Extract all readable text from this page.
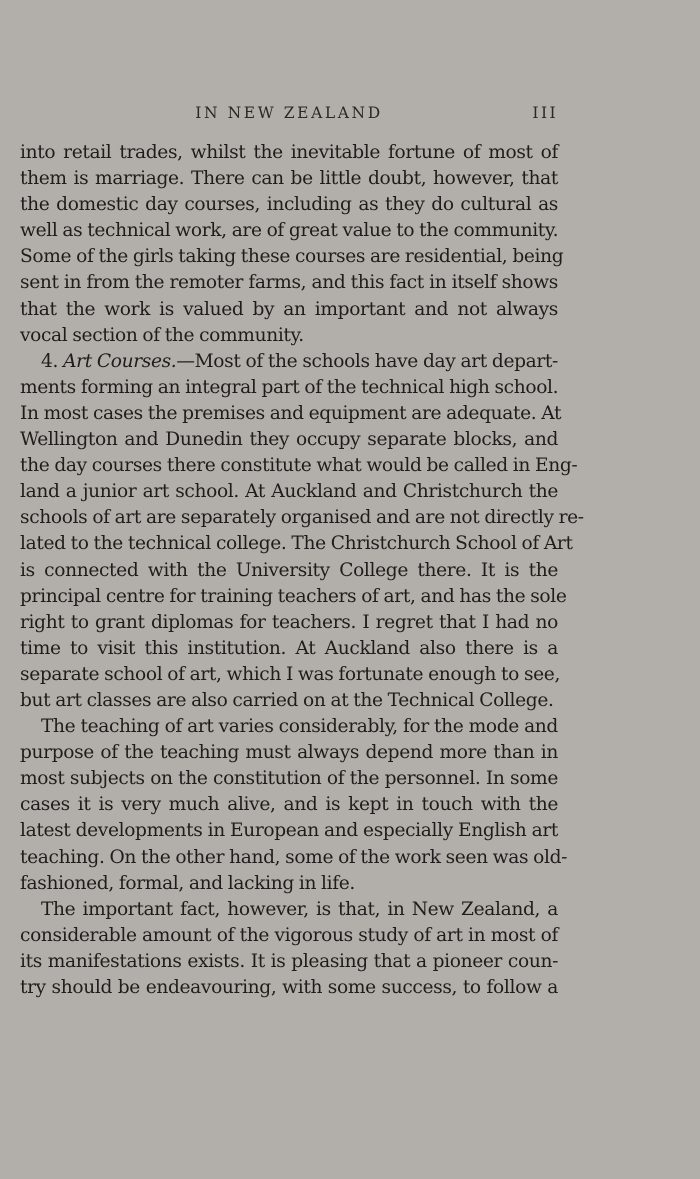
IN NEW ZEALAND	III
into retail trades, whilst the inevitable fortune of most of
them is marriage. There can be little doubt, however, that
the domestic day courses, including as they do cultural as
well as technical work, are of great value to the community.
Some of the girls taking these courses are residential, being
sent in from the remoter farms, and this fact in itself shows
that the work is valued by an important and not always
vocal section of the community.
4. Art Courses.—Most of the schools have day art depart-
ments forming an integral part of the technical high school.
In most cases the premises and equipment are adequate. At
Wellington and Dunedin they occupy separate blocks, and
the day courses there constitute what would be called in Eng-
land a junior art school. At Auckland and Christchurch the
schools of art are separately organised and are not directly re-
lated to the technical college. The Christchurch School of Art
is connected with the University College there. It is the
principal centre for training teachers of art, and has the sole
right to grant diplomas for teachers. I regret that I had no
time to visit this institution. At Auckland also there is a
separate school of art, which I was fortunate enough to see,
but art classes are also carried on at the Technical College.
The teaching of art varies considerably, for the mode and
purpose of the teaching must always depend more than in
most subjects on the constitution of the personnel. In some
cases it is very much alive, and is kept in touch with the
latest developments in European and especially English art
teaching. On the other hand, some of the work seen was old-
fashioned, formal, and lacking in life.
The important fact, however, is that, in New Zealand, a
considerable amount of the vigorous study of art in most of
its manifestations exists. It is pleasing that a pioneer coun-
try should be endeavouring, with some success, to follow a
